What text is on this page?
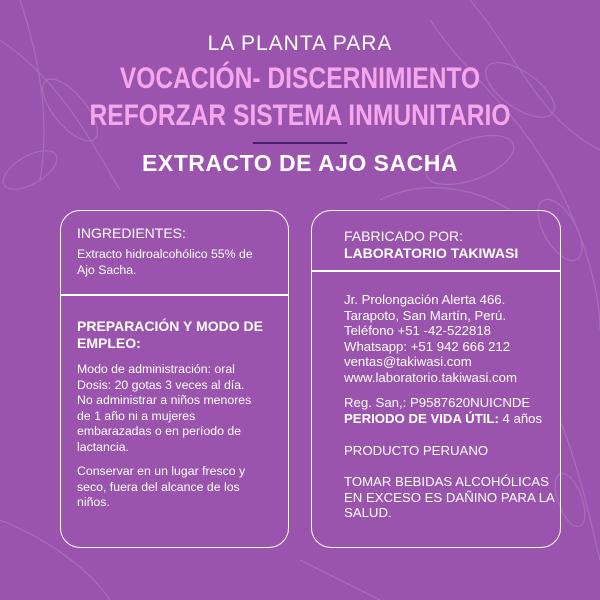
LA PLANTA PARA
VOCACIÓN- DISCERNIMIENTO
REFORZAR SISTEMA INMUNITARIO
EXTRACTO DE AJO SACHA
INGREDIENTES:
Extracto hidroalcohólico 55% de
Ajo Sacha.
PREPARACIÓN Y MODO DE
EMPLEO:
Modo de administración: oral
Dosis: 20 gotas 3 veces al día.
No administrar a niños menores
de 1 año ni a mujeres
embarazadas o en período de
lactancia.
Conservar en un lugar fresco y
seco, fuera del alcance de los
niños.
FABRICADO POR:
LABORATORIO TAKIWASI
Jr. Prolongación Alerta 466.
Tarapoto, San Martín, Perú.
Teléfono +51 -42-522818
Whatsapp: +51 942 666 212
ventas@takiwasi.com
www.laboratorio.takiwasi.com
Reg. San,: P9587620NUICNDE
PERIODO DE VIDA ÚTIL: 4 años
PRODUCTO PERUANO
TOMAR BEBIDAS ALCOHÓLICAS
EN EXCESO ES DAÑINO PARA LA
SALUD.
